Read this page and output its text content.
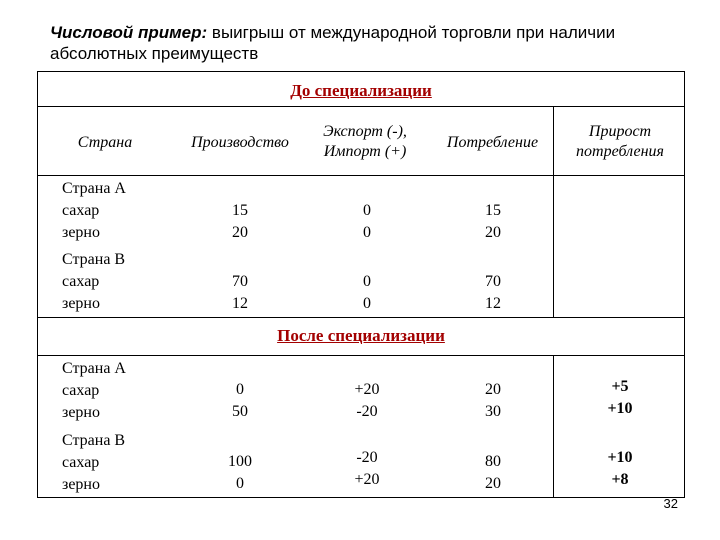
Числовой пример: выигрыш от международной торговли при наличии абсолютных преимуществ
До специализации
После специализации
Страна	Производство
Экспорт (-),
Импорт (+)
Потребление
Прирост
потребления
Страна А
сахар
зерно
15
20
0
0
15
20
Страна В
сахар
зерно
70
12
0
0
70
12
Страна А
сахар
зерно
0
50
+20
-20
20
30
+5
+10
Страна В
сахар
зерно
100
0
-20
+20
80
20
+10
+8
32
